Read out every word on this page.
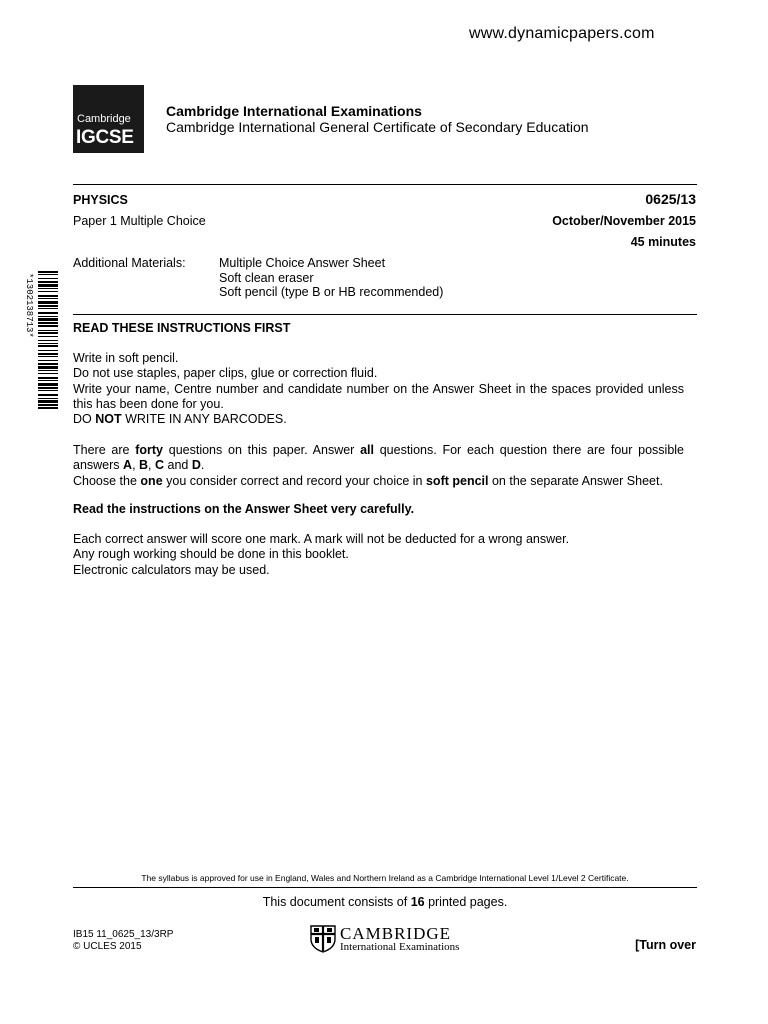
www.dynamicpapers.com
Cambridge
IGCSE
Cambridge International Examinations
Cambridge International General Certificate of Secondary Education
PHYSICS	0625/13
Paper 1 Multiple Choice	October/November 2015
45 minutes
Additional Materials:	Multiple Choice Answer Sheet
Soft clean eraser
Soft pencil (type B or HB recommended)
*1302138713*	READ THESE INSTRUCTIONS FIRST

Write in soft pencil.

Do not use staples, paper clips, glue or correction fluid.

Write your name, Centre number and candidate number on the Answer Sheet in the spaces provided unless this has been done for you.

DO NOT WRITE IN ANY BARCODES.

There are forty questions on this paper. Answer all questions. For each question there are four possible answers A, B, C and D.

Choose the one you consider correct and record your choice in soft pencil on the separate Answer Sheet.

Read the instructions on the Answer Sheet very carefully.

Each correct answer will score one mark. A mark will not be deducted for a wrong answer.

Any rough working should be done in this booklet.

Electronic calculators may be used.

The syllabus is approved for use in England, Wales and Northern Ireland as a Cambridge International Level 1/Level 2 Certificate.
This document consists of 16 printed pages.
IB15 11_0625_13/3RP
© UCLES 2015
CAMBRIDGE
International Examinations	[Turn over
